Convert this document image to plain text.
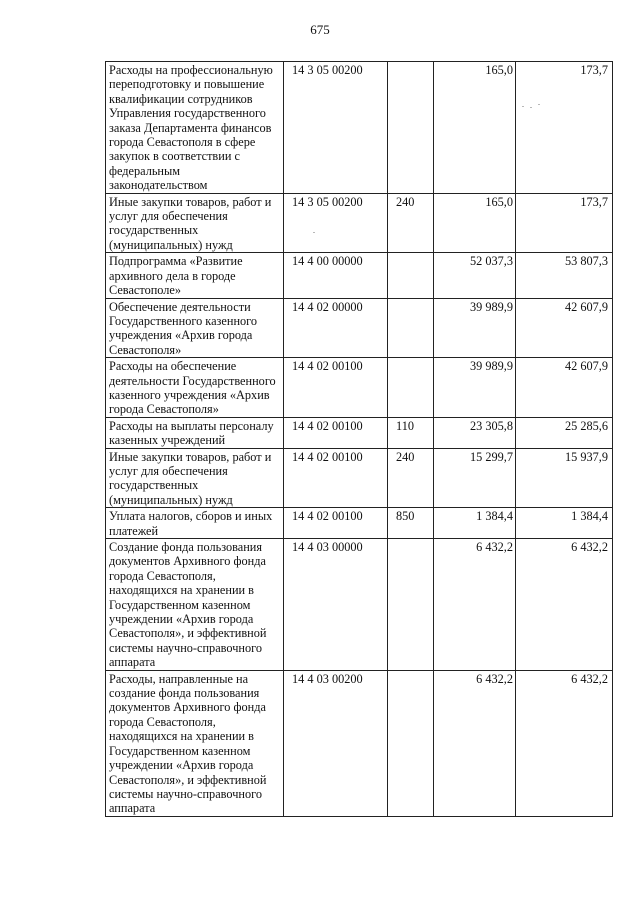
675
Расходы на профессиональную переподготовку и повышение квалификации сотрудников Управления государственного заказа Департамента финансов города Севастополя в сфере закупок в соответствии с федеральным законодательством	14 3 05 00200		165,0	173,7
Иные закупки товаров, работ и услуг для обеспечения государственных (муниципальных) нужд	14 3 05 00200	240	165,0	173,7
Подпрограмма «Развитие архивного дела в городе Севастополе»	14 4 00 00000		52 037,3	53 807,3
Обеспечение деятельности Государственного казенного учреждения «Архив города Севастополя»	14 4 02 00000		39 989,9	42 607,9
Расходы на обеспечение деятельности Государственного казенного учреждения «Архив города Севастополя»	14 4 02 00100		39 989,9	42 607,9
Расходы на выплаты персоналу казенных учреждений	14 4 02 00100	110	23 305,8	25 285,6
Иные закупки товаров, работ и услуг для обеспечения государственных (муниципальных) нужд	14 4 02 00100	240	15 299,7	15 937,9
Уплата налогов, сборов и иных платежей	14 4 02 00100	850	1 384,4	1 384,4
Создание фонда пользования документов Архивного фонда города Севастополя, находящихся на хранении в Государственном казенном учреждении «Архив города Севастополя», и эффективной системы научно-справочного аппарата	14 4 03 00000		6 432,2	6 432,2
Расходы, направленные на создание фонда пользования документов Архивного фонда города Севастополя, находящихся на хранении в Государственном казенном учреждении «Архив города Севастополя», и эффективной системы научно-справочного аппарата	14 4 03 00200		6 432,2	6 432,2
